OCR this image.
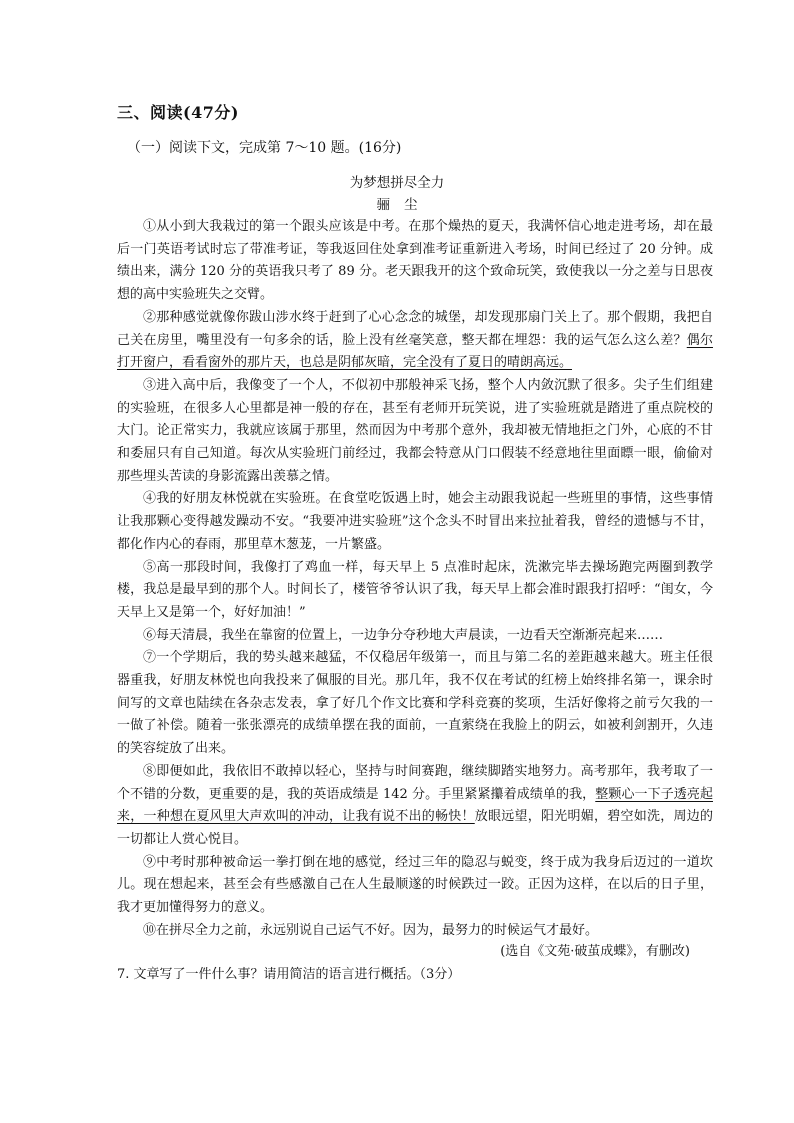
三、阅读(47分)
（一）阅读下文，完成第 7～10 题。(16分)
为梦想拼尽全力
骊尘

①从小到大我栽过的第一个跟头应该是中考。在那个燥热的夏天，我满怀信心地走进考场，却在最后一门英语考试时忘了带准考证，等我返回住处拿到准考证重新进入考场，时间已经过了 20 分钟。成绩出来，满分 120 分的英语我只考了 89 分。老天跟我开的这个致命玩笑，致使我以一分之差与日思夜想的高中实验班失之交臂。

②那种感觉就像你跋山涉水终于赶到了心心念念的城堡，却发现那扇门关上了。那个假期，我把自己关在房里，嘴里没有一句多余的话，脸上没有丝毫笑意，整天都在埋怨：我的运气怎么这么差？偶尔打开窗户，看看窗外的那片天，也总是阴郁灰暗，完全没有了夏日的晴朗高远。

③进入高中后，我像变了一个人，不似初中那般神采飞扬，整个人内敛沉默了很多。尖子生们组建的实验班，在很多人心里都是神一般的存在，甚至有老师开玩笑说，进了实验班就是踏进了重点院校的大门。论正常实力，我就应该属于那里，然而因为中考那个意外，我却被无情地拒之门外，心底的不甘和委屈只有自己知道。每次从实验班门前经过，我都会特意从门口假装不经意地往里面瞟一眼，偷偷对那些埋头苦读的身影流露出羡慕之情。

④我的好朋友林悦就在实验班。在食堂吃饭遇上时，她会主动跟我说起一些班里的事情，这些事情让我那颗心变得越发躁动不安。“我要冲进实验班”这个念头不时冒出来拉扯着我，曾经的遗憾与不甘，都化作内心的春雨，那里草木葱茏，一片繁盛。

⑤高一那段时间，我像打了鸡血一样，每天早上 5 点准时起床，洗漱完毕去操场跑完两圈到教学楼，我总是最早到的那个人。时间长了，楼管爷爷认识了我，每天早上都会准时跟我打招呼：“闺女，今天早上又是第一个，好好加油！”

⑥每天清晨，我坐在靠窗的位置上，一边争分夺秒地大声晨读，一边看天空渐渐亮起来……

⑦一个学期后，我的势头越来越猛，不仅稳居年级第一，而且与第二名的差距越来越大。班主任很器重我，好朋友林悦也向我投来了佩服的目光。那几年，我不仅在考试的红榜上始终排名第一，课余时间写的文章也陆续在各杂志发表，拿了好几个作文比赛和学科竞赛的奖项，生活好像将之前亏欠我的一一做了补偿。随着一张张漂亮的成绩单摆在我的面前，一直萦绕在我脸上的阴云，如被利剑割开，久违的笑容绽放了出来。

⑧即便如此，我依旧不敢掉以轻心，坚持与时间赛跑，继续脚踏实地努力。高考那年，我考取了一个不错的分数，更重要的是，我的英语成绩是 142 分。手里紧紧攥着成绩单的我，整颗心一下子透亮起来，一种想在夏风里大声欢叫的冲动，让我有说不出的畅快！放眼远望，阳光明媚，碧空如洗，周边的一切都让人赏心悦目。

⑨中考时那种被命运一拳打倒在地的感觉，经过三年的隐忍与蜕变，终于成为我身后迈过的一道坎儿。现在想起来，甚至会有些感激自己在人生最顺遂的时候跌过一跤。正因为这样，在以后的日子里，我才更加懂得努力的意义。

⑩在拼尽全力之前，永远别说自己运气不好。因为，最努力的时候运气才最好。

(选自《文苑·破茧成蝶》，有删改)
7. 文章写了一件什么事？请用简洁的语言进行概括。（3分）
